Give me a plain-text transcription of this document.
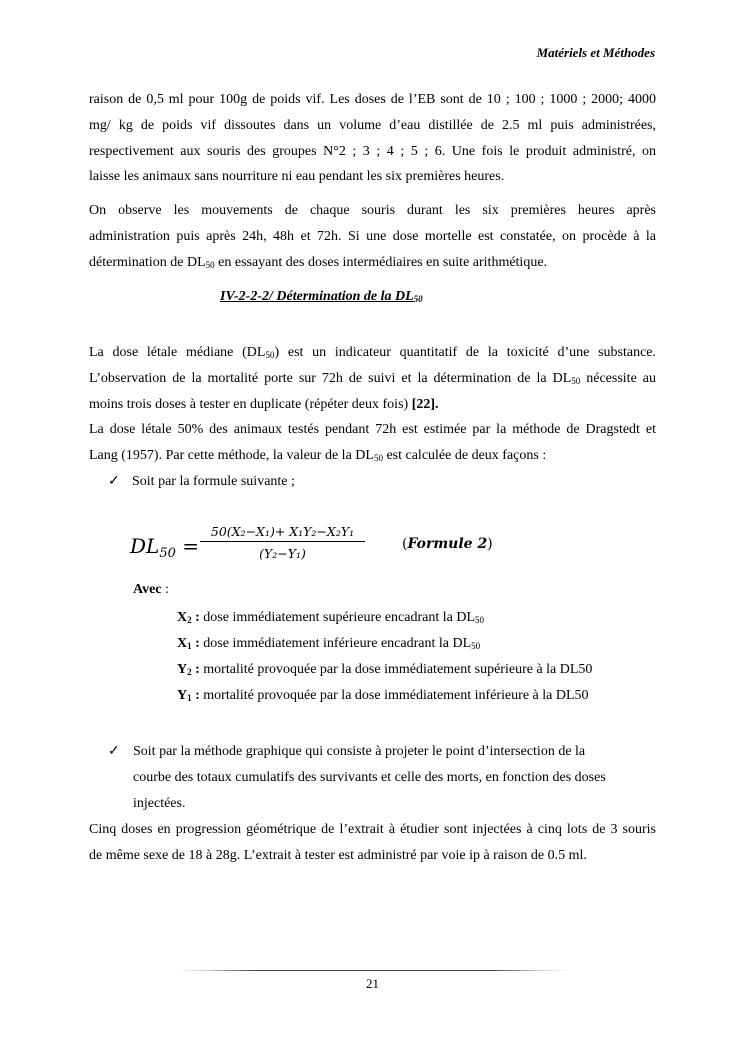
Matériels et Méthodes
raison de 0,5 ml pour 100g de poids vif. Les doses de l’EB sont de 10 ; 100 ; 1000 ; 2000; 4000
mg/ kg de poids vif dissoutes dans un volume d’eau distillée de 2.5 ml puis administrées,
respectivement aux souris des groupes N°2 ; 3 ; 4 ; 5 ; 6. Une fois le produit administré, on
laisse les animaux sans nourriture ni eau pendant les six premières heures.
On observe les mouvements de chaque souris durant les six premières heures après
administration puis après 24h, 48h et 72h. Si une dose mortelle est constatée, on procède à la
détermination de $DL_{50}$ en essayant des doses intermédiaires en suite arithmétique.
IV-2-2-2/ Détermination de la $DL_{50}$
La dose létale médiane $(DL_{50})$ est un indicateur quantitatif de la toxicité d’une substance.
L’observation de la mortalité porte sur 72h de suivi et la détermination de la $DL_{50}$ nécessite au
moins trois doses à tester en duplicate (répéter deux fois) [22].
La dose létale 50% des animaux testés pendant 72h est estimée par la méthode de Dragstedt et
Lang (1957). Par cette méthode, la valeur de la $DL_{50}$ est calculée de deux façons :
✓ Soit par la formule suivante ;
$DL_{50} = \frac{\text{50(X₂−X₁)+ X₁Y₂−X₂Y₁}}{\text{(Y₂−Y₁)}}$	(Formule 2)
Avec :
$X_2$ : dose immédiatement supérieure encadrant la $DL_{50}$
$X_1$ : dose immédiatement inférieure encadrant la $DL_{50}$
$Y_2$ : mortalité provoquée par la dose immédiatement supérieure à la DL50
$Y_1$ : mortalité provoquée par la dose immédiatement inférieure à la DL50
✓ Soit par la méthode graphique qui consiste à projeter le point d’intersection de la
courbe des totaux cumulatifs des survivants et celle des morts, en fonction des doses
injectées.
Cinq doses en progression géométrique de l’extrait à étudier sont injectées à cinq lots de 3 souris
de même sexe de 18 à 28g. L’extrait à tester est administré par voie ip à raison de 0.5 ml.
21
